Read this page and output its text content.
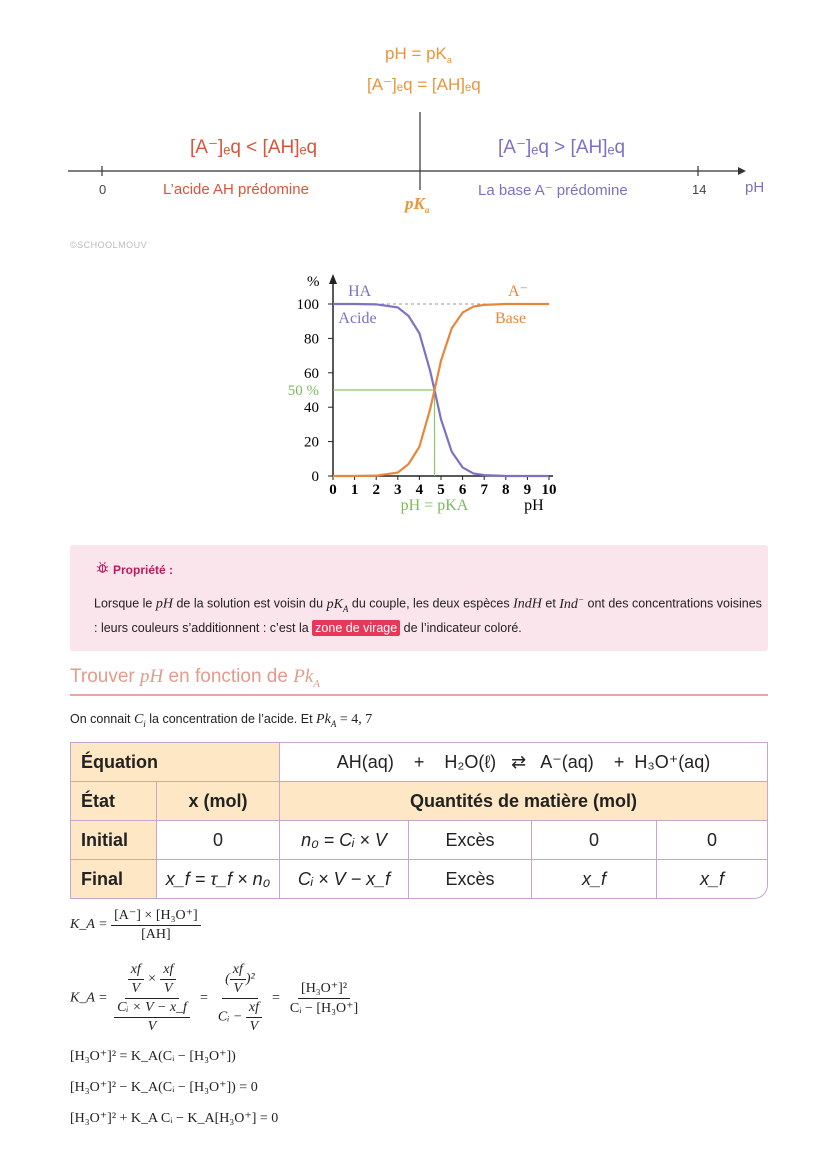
pH = $pK_a$
[A⁻]ₑq = [AH]ₑq
[A⁻]ₑq < [AH]ₑq	[A⁻]ₑq > [AH]ₑq
0	14	pH
L’acide AH prédomine	La base A⁻ prédomine
$pK_a$
©SCHOOLMOUV
%
0
20
40
60
80
100
0 1 2 3 4 5 6 7 8 9 10
50 %
HA
Acide
A⁻
Base
pH = pKA	pH
Propriété :
Lorsque le pH de la solution est voisin du $pK_A$ du couple, les deux espèces IndH et Ind− ont des concentrations voisines : leurs couleurs s’additionnent : c’est la zone de virage de l’indicateur coloré.
Trouver pH en fonction de $Pk_A$
On connait $C_i$ la concentration de l’acide. Et $Pk_A = 4$, 7
Équation		AH(aq) + H₂O(ℓ) ⇄ A⁻(aq) + H₃O⁺(aq)			
État	x (mol)	Quantités de matière (mol)			
Initial	0	n₀ = Cᵢ × V	Excès	0	0
Final	x_f = τ_f × n₀	Cᵢ × V − x_f	Excès	x_f	x_f
K_A = $\frac{\text{[A⁻] × [H₃O⁺]}}{[AH]}$
K_A = $\frac{\frac{xf}{V} \times \frac{xf}{V}}{\frac{\text{Cᵢ × V − x\_f}}{V}} = \frac{( \frac{xf}{V} )^2}{Cᵢ - \frac{xf}{V}} = \frac{\text{[H₃O⁺]²}}{\text{Cᵢ − [H₃O⁺]}}$
[H₃O⁺]² = K_A(Cᵢ − [H₃O⁺])
[H₃O⁺]² − K_A(Cᵢ − [H₃O⁺]) = 0
[H₃O⁺]² + K_A Cᵢ − K_A[H₃O⁺] = 0
